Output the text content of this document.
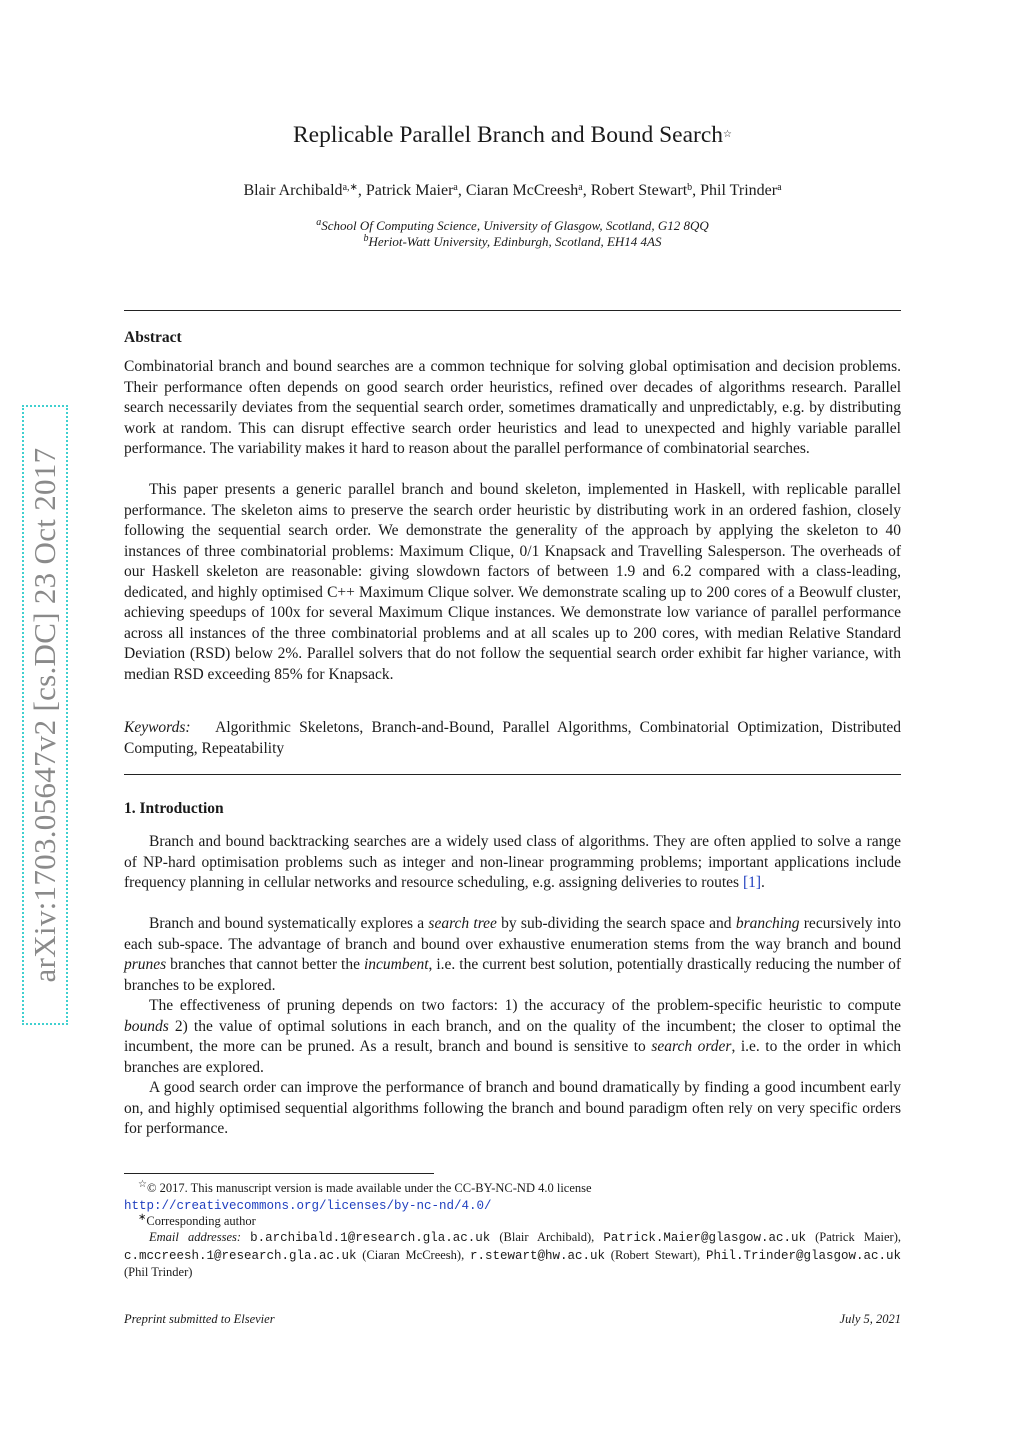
arXiv:1703.05647v2 [cs.DC] 23 Oct 2017
Replicable Parallel Branch and Bound Search☆
Blair Archibald$^{a,∗}$, Patrick Maier$^a$, Ciaran McCreesh$^a$, Robert Stewart$^b$, Phil Trinder$^a$
$^a$School Of Computing Science, University of Glasgow, Scotland, G12 8QQ
$^b$Heriot-Watt University, Edinburgh, Scotland, EH14 4AS
Abstract
Combinatorial branch and bound searches are a common technique for solving global optimisation and decision problems. Their performance often depends on good search order heuristics, refined over decades of algorithms research. Parallel search necessarily deviates from the sequential search order, sometimes dramatically and unpredictably, e.g. by distributing work at random. This can disrupt effective search order heuristics and lead to unexpected and highly variable parallel performance. The variability makes it hard to reason about the parallel performance of combinatorial searches.
This paper presents a generic parallel branch and bound skeleton, implemented in Haskell, with replicable parallel performance. The skeleton aims to preserve the search order heuristic by distributing work in an ordered fashion, closely following the sequential search order. We demonstrate the generality of the approach by applying the skeleton to 40 instances of three combinatorial problems: Maximum Clique, 0/1 Knapsack and Travelling Salesperson. The overheads of our Haskell skeleton are reasonable: giving slowdown factors of between 1.9 and 6.2 compared with a class-leading, dedicated, and highly optimised C++ Maximum Clique solver. We demonstrate scaling up to 200 cores of a Beowulf cluster, achieving speedups of 100x for several Maximum Clique instances. We demonstrate low variance of parallel performance across all instances of the three combinatorial problems and at all scales up to 200 cores, with median Relative Standard Deviation (RSD) below 2%. Parallel solvers that do not follow the sequential search order exhibit far higher variance, with median RSD exceeding 85% for Knapsack.
Keywords: Algorithmic Skeletons, Branch-and-Bound, Parallel Algorithms, Combinatorial Optimization, Distributed Computing, Repeatability
1. Introduction
Branch and bound backtracking searches are a widely used class of algorithms. They are often applied to solve a range of NP-hard optimisation problems such as integer and non-linear programming problems; important applications include frequency planning in cellular networks and resource scheduling, e.g. assigning deliveries to routes [1].
Branch and bound systematically explores a search tree by sub-dividing the search space and branching recursively into each sub-space. The advantage of branch and bound over exhaustive enumeration stems from the way branch and bound prunes branches that cannot better the incumbent, i.e. the current best solution, potentially drastically reducing the number of branches to be explored.
The effectiveness of pruning depends on two factors: 1) the accuracy of the problem-specific heuristic to compute bounds 2) the value of optimal solutions in each branch, and on the quality of the incumbent; the closer to optimal the incumbent, the more can be pruned. As a result, branch and bound is sensitive to search order, i.e. to the order in which branches are explored.
A good search order can improve the performance of branch and bound dramatically by finding a good incumbent early on, and highly optimised sequential algorithms following the branch and bound paradigm often rely on very specific orders for performance.
☆© 2017. This manuscript version is made available under the CC-BY-NC-ND 4.0 license
http://creativecommons.org/licenses/by-nc-nd/4.0/
∗Corresponding author
Email addresses: b.archibald.1@research.gla.ac.uk (Blair Archibald), Patrick.Maier@glasgow.ac.uk (Patrick Maier), c.mccreesh.1@research.gla.ac.uk (Ciaran McCreesh), r.stewart@hw.ac.uk (Robert Stewart), Phil.Trinder@glasgow.ac.uk (Phil Trinder)
Preprint submitted to Elsevier	July 5, 2021
